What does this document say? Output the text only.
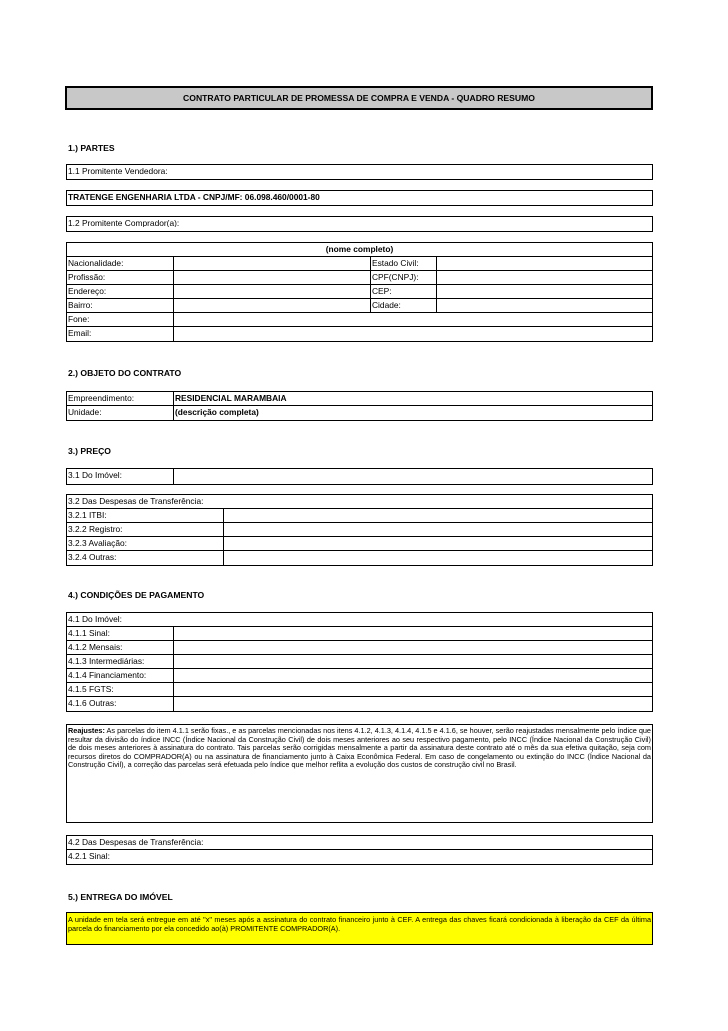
CONTRATO PARTICULAR DE PROMESSA DE COMPRA E VENDA - QUADRO RESUMO
1.) PARTES
1.1 Promitente Vendedora:
TRATENGE ENGENHARIA LTDA - CNPJ/MF: 06.098.460/0001-80
1.2 Promitente Comprador(a):
(nome completo)
Nacionalidade:	Estado Civil:
Profissão:	CPF(CNPJ):
Endereço:	CEP:
Bairro:	Cidade:
Fone:
Email:
2.) OBJETO DO CONTRATO
Empreendimento:	RESIDENCIAL MARAMBAIA
Unidade:	(descrição completa)
3.) PREÇO
3.1 Do Imóvel:
3.2 Das Despesas de Transferência:
3.2.1 ITBI:
3.2.2 Registro:
3.2.3 Avaliação:
3.2.4 Outras:
4.) CONDIÇÕES DE PAGAMENTO
4.1 Do Imóvel:
4.1.1 Sinal:
4.1.2 Mensais:
4.1.3 Intermediárias:
4.1.4 Financiamento:
4.1.5 FGTS:
4.1.6 Outras:
Reajustes: As parcelas do item 4.1.1 serão fixas., e as parcelas mencionadas nos itens 4.1.2, 4.1.3, 4.1.4, 4.1.5 e 4.1.6, se houver, serão reajustadas mensalmente pelo índice que resultar da divisão do índice INCC (Índice Nacional da Construção Civil) de dois meses anteriores ao seu respectivo pagamento, pelo INCC (Índice Nacional da Construção Civil) de dois meses anteriores à assinatura do contrato. Tais parcelas serão corrigidas mensalmente a partir da assinatura deste contrato até o mês da sua efetiva quitação, seja com recursos diretos do COMPRADOR(A) ou na assinatura de financiamento junto à Caixa Econômica Federal. Em caso de congelamento ou extinção do INCC (Índice Nacional da Construção Civil), a correção das parcelas será efetuada pelo índice que melhor reflita a evolução dos custos de construção civil no Brasil.
4.2 Das Despesas de Transferência:
4.2.1 Sinal:
5.) ENTREGA DO IMÓVEL
A unidade em tela será entregue em até "x" meses após a assinatura do contrato financeiro junto à CEF. A entrega das chaves ficará condicionada à liberação da CEF da última parcela do financiamento por ela concedido ao(à) PROMITENTE COMPRADOR(A).
